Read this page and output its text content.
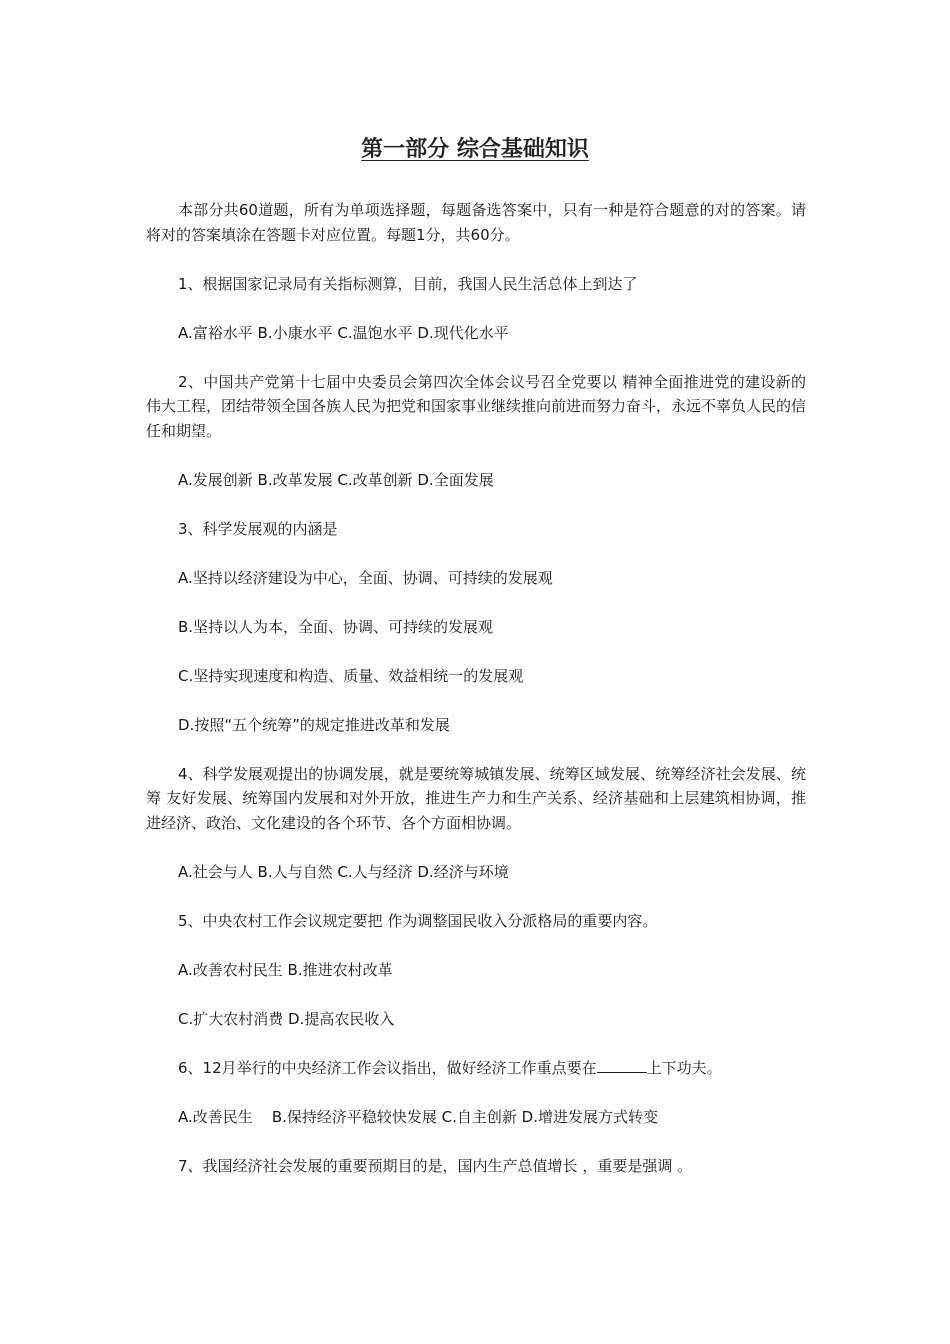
第一部分 综合基础知识

本部分共60道题，所有为单项选择题，每题备选答案中，只有一种是符合题意的对的答案。请将对的答案填涂在答题卡对应位置。每题1分，共60分。

1、根据国家记录局有关指标测算，目前，我国人民生活总体上到达了

A.富裕水平 B.小康水平 C.温饱水平 D.现代化水平

2、中国共产党第十七届中央委员会第四次全体会议号召全党要以 精神全面推进党的建设新的伟大工程，团结带领全国各族人民为把党和国家事业继续推向前进而努力奋斗，永远不辜负人民的信任和期望。

A.发展创新 B.改革发展 C.改革创新 D.全面发展

3、科学发展观的内涵是

A.坚持以经济建设为中心，全面、协调、可持续的发展观

B.坚持以人为本，全面、协调、可持续的发展观

C.坚持实现速度和构造、质量、效益相统一的发展观

D.按照“五个统筹”的规定推进改革和发展

4、科学发展观提出的协调发展，就是要统筹城镇发展、统筹区域发展、统筹经济社会发展、统筹 友好发展、统筹国内发展和对外开放，推进生产力和生产关系、经济基础和上层建筑相协调，推进经济、政治、文化建设的各个环节、各个方面相协调。

A.社会与人 B.人与自然 C.人与经济 D.经济与环境

5、中央农村工作会议规定要把 作为调整国民收入分派格局的重要内容。

A.改善农村民生 B.推进农村改革

C.扩大农村消费 D.提高农民收入

6、12月举行的中央经济工作会议指出，做好经济工作重点要在	上下功夫。

A.改善民生    B.保持经济平稳较快发展 C.自主创新 D.增进发展方式转变

7、我国经济社会发展的重要预期目的是，国内生产总值增长 ，重要是强调 。
